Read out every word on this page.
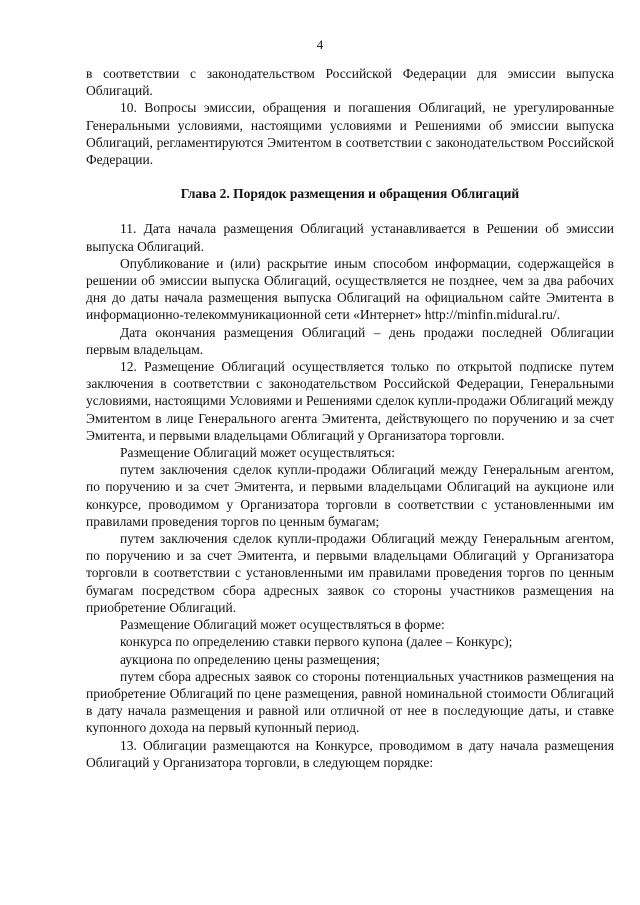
4

в соответствии с законодательством Российской Федерации для эмиссии выпуска Облигаций.

10. Вопросы эмиссии, обращения и погашения Облигаций, не урегулированные Генеральными условиями, настоящими условиями и Решениями об эмиссии выпуска Облигаций, регламентируются Эмитентом в соответствии с законодательством Российской Федерации.

Глава 2. Порядок размещения и обращения Облигаций

11. Дата начала размещения Облигаций устанавливается в Решении об эмиссии выпуска Облигаций.

Опубликование и (или) раскрытие иным способом информации, содержащейся в решении об эмиссии выпуска Облигаций, осуществляется не позднее, чем за два рабочих дня до даты начала размещения выпуска Облигаций на официальном сайте Эмитента в информационно-телекоммуникационной сети «Интернет» http://minfin.midural.ru/.

Дата окончания размещения Облигаций – день продажи последней Облигации первым владельцам.

12. Размещение Облигаций осуществляется только по открытой подписке путем заключения в соответствии с законодательством Российской Федерации, Генеральными условиями, настоящими Условиями и Решениями сделок купли-продажи Облигаций между Эмитентом в лице Генерального агента Эмитента, действующего по поручению и за счет Эмитента, и первыми владельцами Облигаций у Организатора торговли.

Размещение Облигаций может осуществляться:

путем заключения сделок купли-продажи Облигаций между Генеральным агентом, по поручению и за счет Эмитента, и первыми владельцами Облигаций на аукционе или конкурсе, проводимом у Организатора торговли в соответствии с установленными им правилами проведения торгов по ценным бумагам;

путем заключения сделок купли-продажи Облигаций между Генеральным агентом, по поручению и за счет Эмитента, и первыми владельцами Облигаций у Организатора торговли в соответствии с установленными им правилами проведения торгов по ценным бумагам посредством сбора адресных заявок со стороны участников размещения на приобретение Облигаций.

Размещение Облигаций может осуществляться в форме:

конкурса по определению ставки первого купона (далее – Конкурс);

аукциона по определению цены размещения;

путем сбора адресных заявок со стороны потенциальных участников размещения на приобретение Облигаций по цене размещения, равной номинальной стоимости Облигаций в дату начала размещения и равной или отличной от нее в последующие даты, и ставке купонного дохода на первый купонный период.

13. Облигации размещаются на Конкурсе, проводимом в дату начала размещения Облигаций у Организатора торговли, в следующем порядке:
